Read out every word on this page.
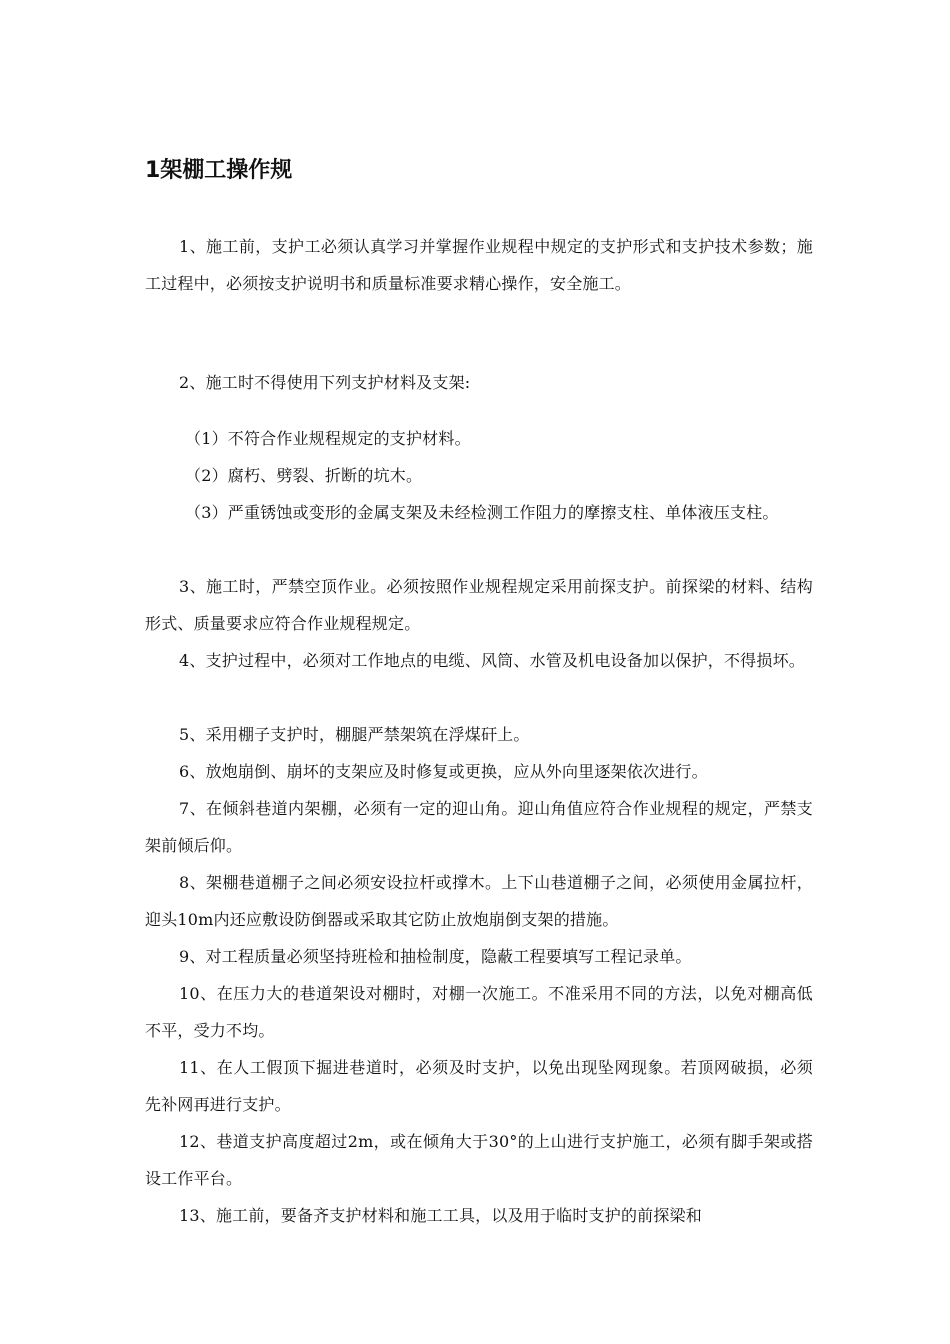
1架棚工操作规

1、施工前，支护工必须认真学习并掌握作业规程中规定的支护形式和支护技术参数；施工过程中，必须按支护说明书和质量标准要求精心操作，安全施工。

2、施工时不得使用下列支护材料及支架:

（1）不符合作业规程规定的支护材料。

（2）腐朽、劈裂、折断的坑木。

（3）严重锈蚀或变形的金属支架及未经检测工作阻力的摩擦支柱、单体液压支柱。

3、施工时，严禁空顶作业。必须按照作业规程规定采用前探支护。前探梁的材料、结构形式、质量要求应符合作业规程规定。

4、支护过程中，必须对工作地点的电缆、风筒、水管及机电设备加以保护，不得损坏。

5、采用棚子支护时，棚腿严禁架筑在浮煤矸上。

6、放炮崩倒、崩坏的支架应及时修复或更换，应从外向里逐架依次进行。

7、在倾斜巷道内架棚，必须有一定的迎山角。迎山角值应符合作业规程的规定，严禁支架前倾后仰。

8、架棚巷道棚子之间必须安设拉杆或撑木。上下山巷道棚子之间，必须使用金属拉杆，迎头10m内还应敷设防倒器或采取其它防止放炮崩倒支架的措施。

9、对工程质量必须坚持班检和抽检制度，隐蔽工程要填写工程记录单。

10、在压力大的巷道架设对棚时，对棚一次施工。不准采用不同的方法，以免对棚高低不平，受力不均。

11、在人工假顶下掘进巷道时，必须及时支护，以免出现坠网现象。若顶网破损，必须先补网再进行支护。

12、巷道支护高度超过2m，或在倾角大于30°的上山进行支护施工，必须有脚手架或搭设工作平台。

13、施工前，要备齐支护材料和施工工具，以及用于临时支护的前探梁和
